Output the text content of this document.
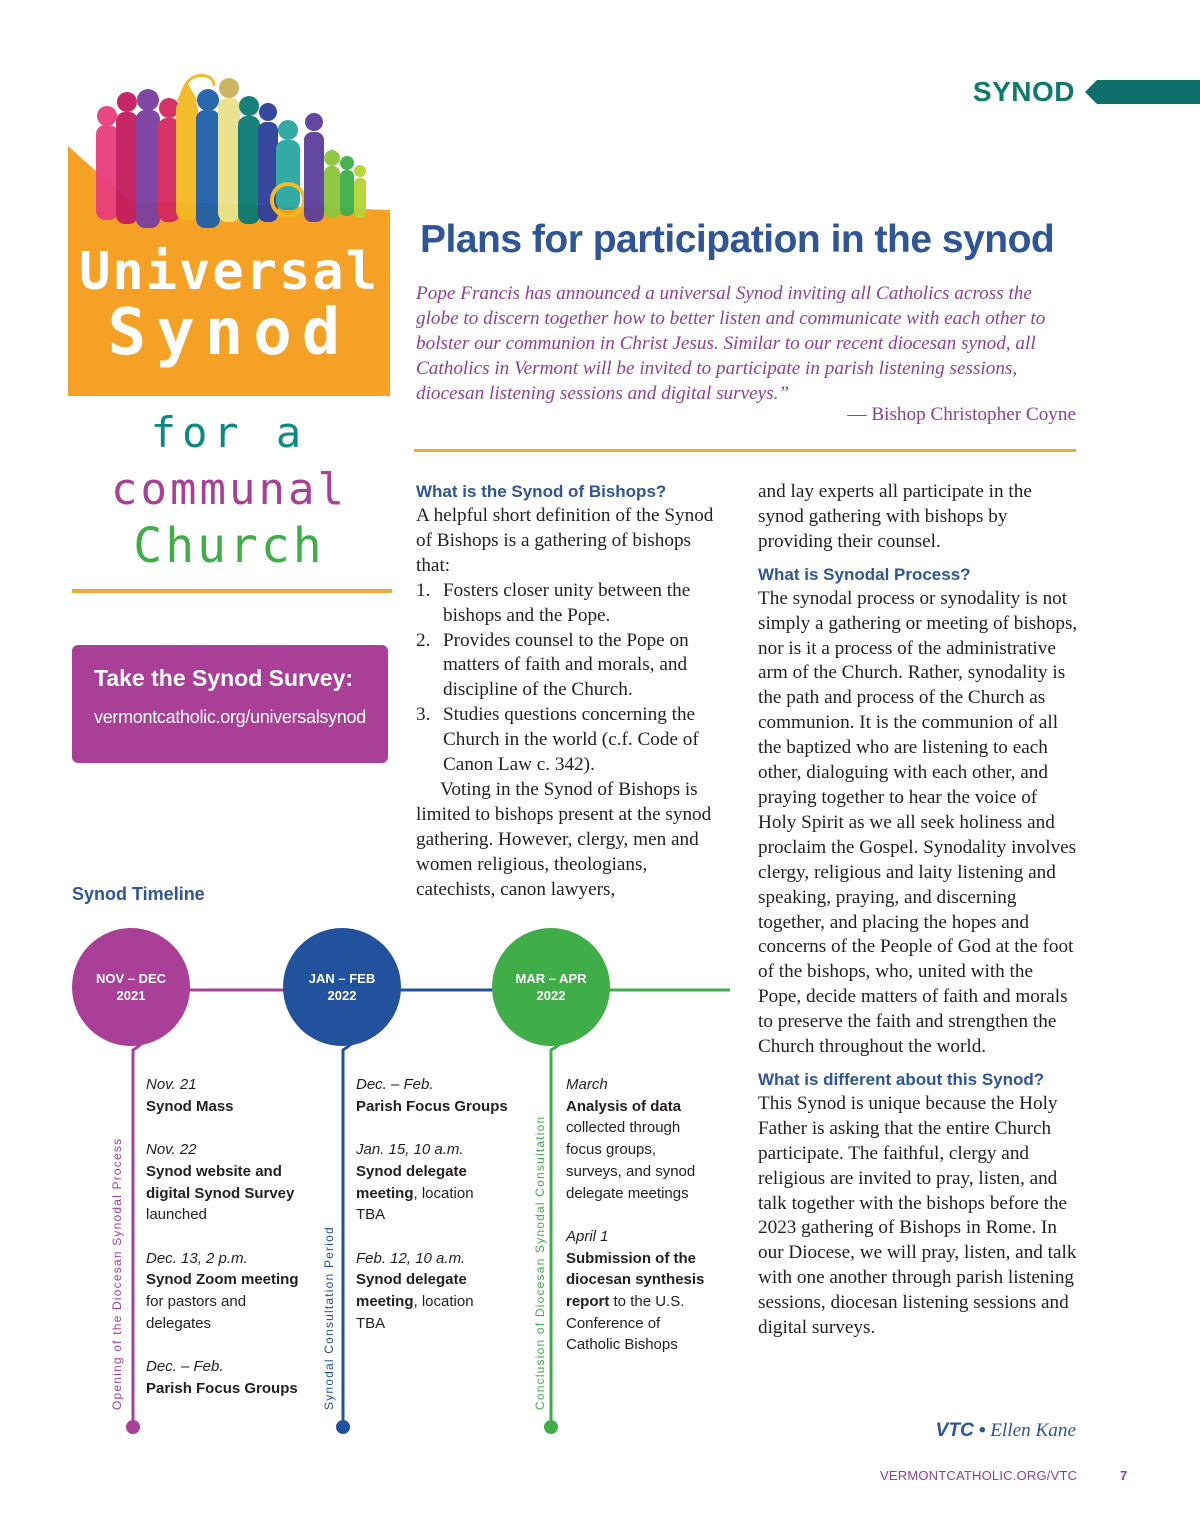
SYNOD
Universal
Synod
for a
communal
Church
Plans for participation in the synod
Pope Francis has announced a universal Synod inviting all Catholics across the globe to discern together how to better listen and communicate with each other to bolster our communion in Christ Jesus. Similar to our recent diocesan synod, all Catholics in Vermont will be invited to participate in parish listening sessions, diocesan listening sessions and digital surveys.”
— Bishop Christopher Coyne
What is the Synod of Bishops?

A helpful short definition of the Synod of Bishops is a gathering of bishops that:

1. Fosters closer unity between the bishops and the Pope.
2. Provides counsel to the Pope on matters of faith and morals, and discipline of the Church.
3. Studies questions concerning the Church in the world (c.f. Code of Canon Law c. 342).

Voting in the Synod of Bishops is limited to bishops present at the synod gathering. However, clergy, men and women religious, theologians, catechists, canon lawyers,

and lay experts all participate in the synod gathering with bishops by providing their counsel.

What is Synodal Process?

The synodal process or synodality is not simply a gathering or meeting of bishops, nor is it a process of the administrative arm of the Church. Rather, synodality is the path and process of the Church as communion. It is the communion of all the baptized who are listening to each other, dialoguing with each other, and praying together to hear the voice of Holy Spirit as we all seek holiness and proclaim the Gospel. Synodality involves clergy, religious and laity listening and speaking, praying, and discerning together, and placing the hopes and concerns of the People of God at the foot of the bishops, who, united with the Pope, decide matters of faith and morals to preserve the faith and strengthen the Church throughout the world.

What is different about this Synod?

This Synod is unique because the Holy Father is asking that the entire Church participate. The faithful, clergy and religious are invited to pray, listen, and talk together with the bishops before the 2023 gathering of Bishops in Rome. In our Diocese, we will pray, listen, and talk with one another through parish listening sessions, diocesan listening sessions and digital surveys.

VTC • Ellen Kane
Take the Synod Survey:
vermontcatholic.org/universalsynod
Synod Timeline
NOV – DEC
2021
JAN – FEB
2022
MAR – APR
2022
Opening of the Diocesan Synodal Process	Synodal Consultation Period	Conclusion of Diocesan Synodal Consultation
Nov. 21
Synod Mass
Nov. 22
Synod website and digital Synod Survey
launched
Dec. 13, 2 p.m.
Synod Zoom meeting
for pastors and delegates
Dec. – Feb.
Parish Focus Groups
Dec. – Feb.
Parish Focus Groups
Jan. 15, 10 a.m.
Synod delegate meeting, location TBA
Feb. 12, 10 a.m.
Synod delegate meeting, location TBA
March
Analysis of data
collected through focus groups, surveys, and synod delegate meetings
April 1
Submission of the diocesan synthesis report to the U.S. Conference of Catholic Bishops
VERMONTCATHOLIC.ORG/VTC	7
